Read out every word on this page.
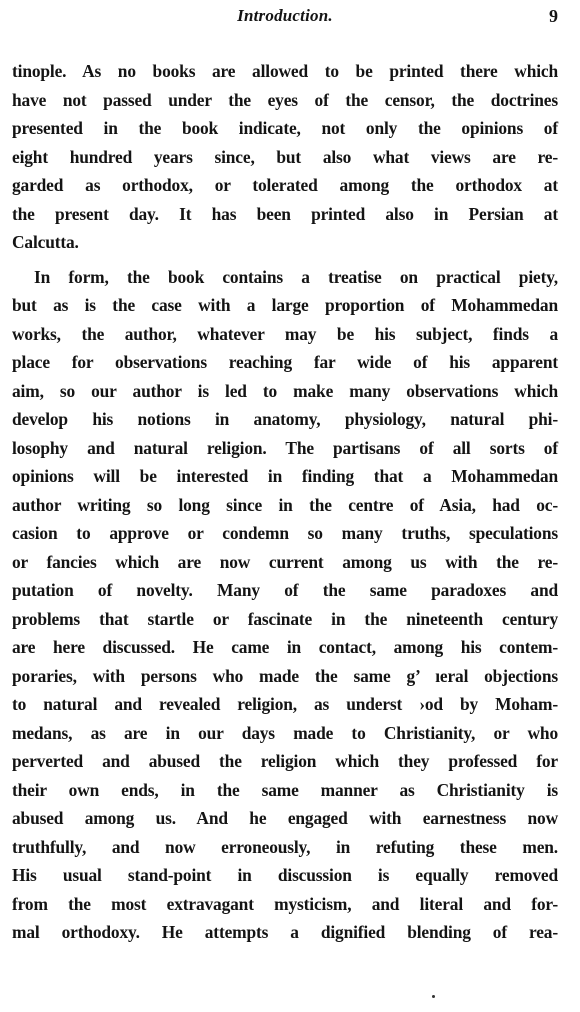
Introduction.	9
tinople. As no books are allowed to be printed there which
have not passed under the eyes of the censor, the doctrines
presented in the book indicate, not only the opinions of
eight hundred years since, but also what views are re-
garded as orthodox, or tolerated among the orthodox at
the present day. It has been printed also in Persian at
Calcutta.
In form, the book contains a treatise on practical piety,
but as is the case with a large proportion of Mohammedan
works, the author, whatever may be his subject, finds a
place for observations reaching far wide of his apparent
aim, so our author is led to make many observations which
develop his notions in anatomy, physiology, natural phi-
losophy and natural religion. The partisans of all sorts of
opinions will be interested in finding that a Mohammedan
author writing so long since in the centre of Asia, had oc-
casion to approve or condemn so many truths, speculations
or fancies which are now current among us with the re-
putation of novelty. Many of the same paradoxes and
problems that startle or fascinate in the nineteenth century
are here discussed. He came in contact, among his contem-
poraries, with persons who made the same g’ ıeral objections
to natural and revealed religion, as underst ›od by Moham-
medans, as are in our days made to Christianity, or who
perverted and abused the religion which they professed for
their own ends, in the same manner as Christianity is
abused among us. And he engaged with earnestness now
truthfully, and now erroneously, in refuting these men.
His usual stand-point in discussion is equally removed
from the most extravagant mysticism, and literal and for-
mal orthodoxy. He attempts a dignified blending of rea-
